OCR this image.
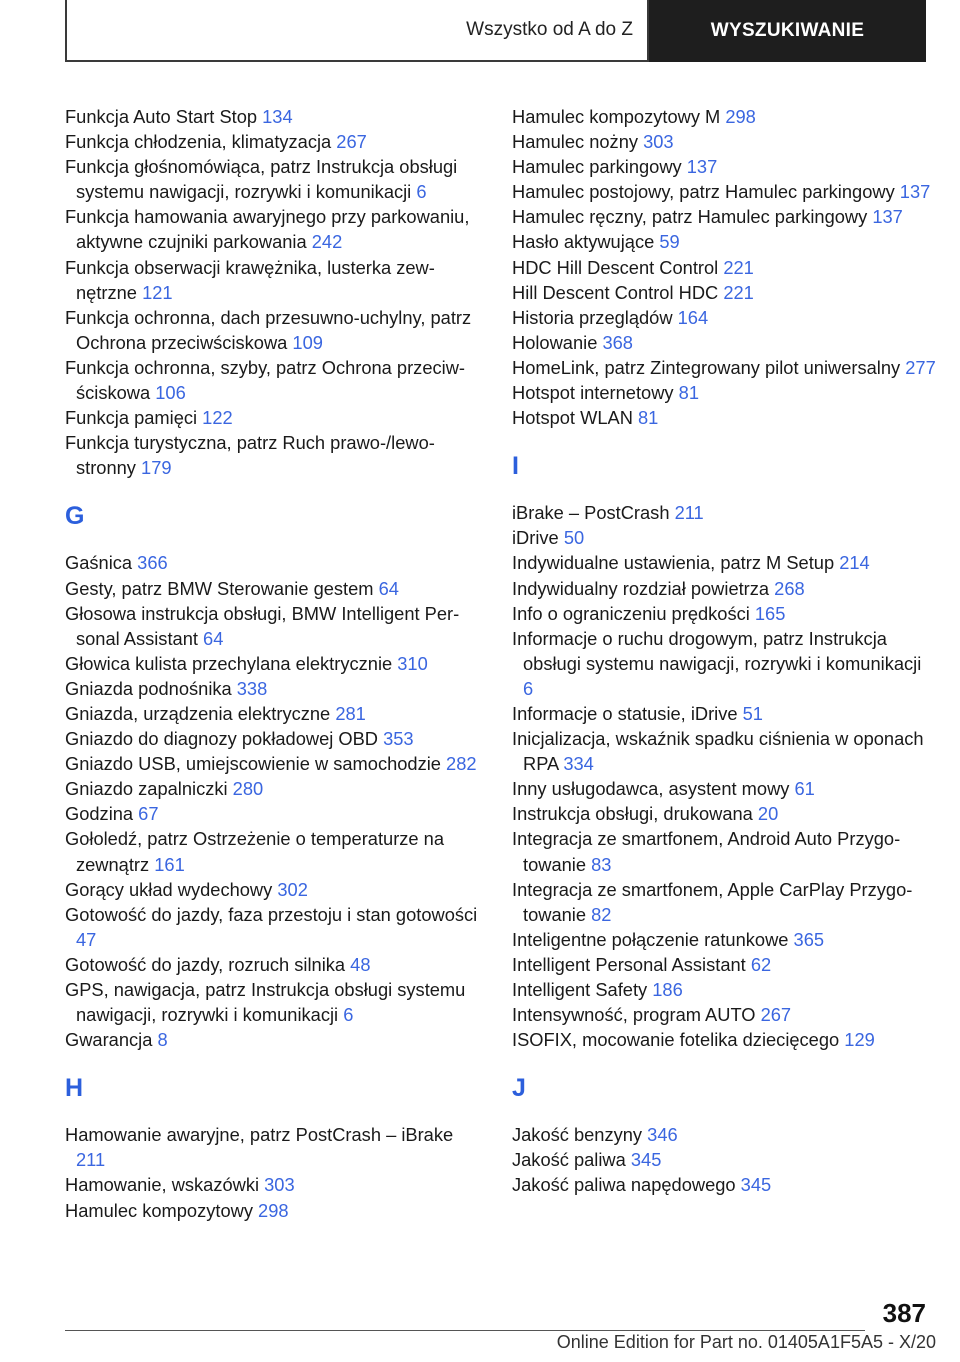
Wszystko od A do Z	WYSZUKIWANIE
Funkcja Auto Start Stop 134
Funkcja chłodzenia, klimatyzacja 267
Funkcja głośnomówiąca, patrz Instrukcja obsługi systemu nawigacji, rozrywki i komunikacji 6
Funkcja hamowania awaryjnego przy parkowaniu, aktywne czujniki parkowania 242
Funkcja obserwacji krawężnika, lusterka zewnętrzne 121
Funkcja ochronna, dach przesuwno-uchylny, patrz Ochrona przeciwściskowa 109
Funkcja ochronna, szyby, patrz Ochrona przeciwściskowa 106
Funkcja pamięci 122
Funkcja turystyczna, patrz Ruch prawo-/lewostronny 179
G
Gaśnica 366
Gesty, patrz BMW Sterowanie gestem 64
Głosowa instrukcja obsługi, BMW Intelligent Personal Assistant 64
Głowica kulista przechylana elektrycznie 310
Gniazda podnośnika 338
Gniazda, urządzenia elektryczne 281
Gniazdo do diagnozy pokładowej OBD 353
Gniazdo USB, umiejscowienie w samochodzie 282
Gniazdo zapalniczki 280
Godzina 67
Gołoledź, patrz Ostrzeżenie o temperaturze na zewnątrz 161
Gorący układ wydechowy 302
Gotowość do jazdy, faza przestoju i stan gotowości 47
Gotowość do jazdy, rozruch silnika 48
GPS, nawigacja, patrz Instrukcja obsługi systemu nawigacji, rozrywki i komunikacji 6
Gwarancja 8
H
Hamowanie awaryjne, patrz PostCrash – iBrake 211
Hamowanie, wskazówki 303
Hamulec kompozytowy 298
Hamulec kompozytowy M 298
Hamulec nożny 303
Hamulec parkingowy 137
Hamulec postojowy, patrz Hamulec parkingowy 137
Hamulec ręczny, patrz Hamulec parkingowy 137
Hasło aktywujące 59
HDC Hill Descent Control 221
Hill Descent Control HDC 221
Historia przeglądów 164
Holowanie 368
HomeLink, patrz Zintegrowany pilot uniwersalny 277
Hotspot internetowy 81
Hotspot WLAN 81
I
iBrake – PostCrash 211
iDrive 50
Indywidualne ustawienia, patrz M Setup 214
Indywidualny rozdział powietrza 268
Info o ograniczeniu prędkości 165
Informacje o ruchu drogowym, patrz Instrukcja obsługi systemu nawigacji, rozrywki i komunikacji 6
Informacje o statusie, iDrive 51
Inicjalizacja, wskaźnik spadku ciśnienia w oponach RPA 334
Inny usługodawca, asystent mowy 61
Instrukcja obsługi, drukowana 20
Integracja ze smartfonem, Android Auto Przygotowanie 83
Integracja ze smartfonem, Apple CarPlay Przygotowanie 82
Inteligentne połączenie ratunkowe 365
Intelligent Personal Assistant 62
Intelligent Safety 186
Intensywność, program AUTO 267
ISOFIX, mocowanie fotelika dziecięcego 129
J
Jakość benzyny 346
Jakość paliwa 345
Jakość paliwa napędowego 345
387
Online Edition for Part no. 01405A1F5A5 - X/20
